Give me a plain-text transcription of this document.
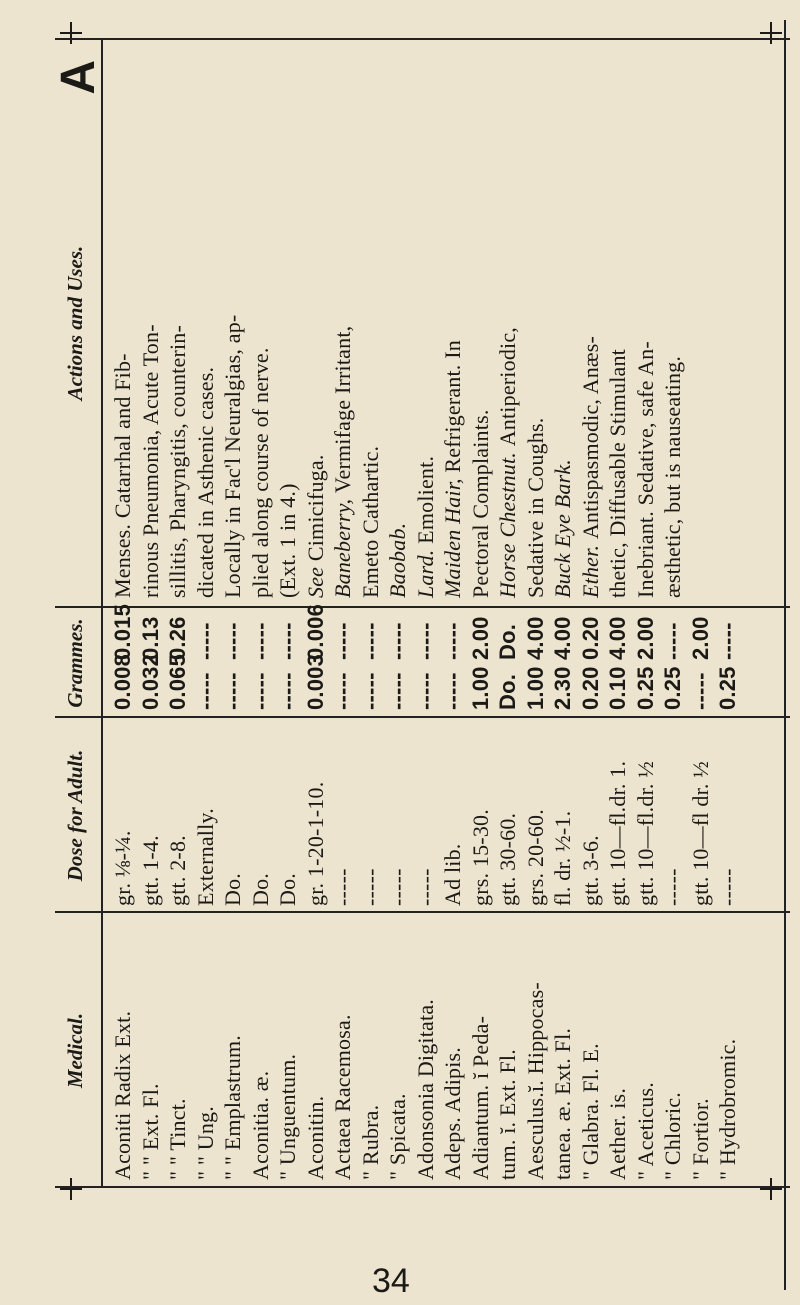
Medical.
Dose for Adult.
Grammes.
Actions and Uses.
A
Aconiti Radix Ext. " " Ext. Fl. " " Tinct. " " Ung. " " Emplastrum. Aconitia. æ. " Unguentum. Aconitin. Actaea Racemosa. " Rubra. " Spicata. Adonsonia Digitata. Adeps. Adipis. Adiantum. ĭ Peda- tum. ĭ. Ext. Fl. Aesculus.ĭ. Hippocas- tanea. æ. Ext. Fl. " Glabra. Fl. E. Aether. is. " Aceticus. " Chloric. " Fortior. " Hydrobromic.
gr. ⅛-¼. gtt. 1-4. gtt. 2-8. Externally. Do. Do. Do. gr. 1-20-1-10. ----- ----- ----- ----- Ad lib. grs. 15-30. gtt. 30-60. grs. 20-60. fl. dr. ½-1. gtt. 3-6. gtt. 10—fl.dr. 1. gtt. 10—fl.dr. ½ ----- gtt. 10—fl dr. ½ -----
0.008 0.032 0.065 ----- ----- ----- ----- 0.003 ----- ----- ----- ----- ----- 1.00 Do. 1.00 2.30 0.20 0.10 0.25 0.25 ----- 0.25
0.015 0.13 0.26 ----- ----- ----- ----- 0.006 ----- ----- ----- ----- ----- 2.00 Do. 4.00 4.00 0.20 4.00 2.00 ----- 2.00 -----
Menses. Catarrhal and Fib- rinous Pneumonia, Acute Ton- sillitis, Pharyngitis, counterin- dicated in Asthenic cases. Locally in Fac'l Neuralgias, ap- plied along course of nerve. (Ext. 1 in 4.) See Cimicifuga. Baneberry, Vermifage Irritant,
Emeto Cathartic. Baobab. Lard. Emolient. Maiden Hair, Refrigerant. In
Pectoral Complaints. Horse Chestnut. Antiperiodic,
Sedative in Coughs. Buck Eye Bark. Ether. Antispasmodic, Anæs- thetic, Diffusable Stimulant Inebriant. Sedative, safe An- æsthetic, but is nauseating.
34
